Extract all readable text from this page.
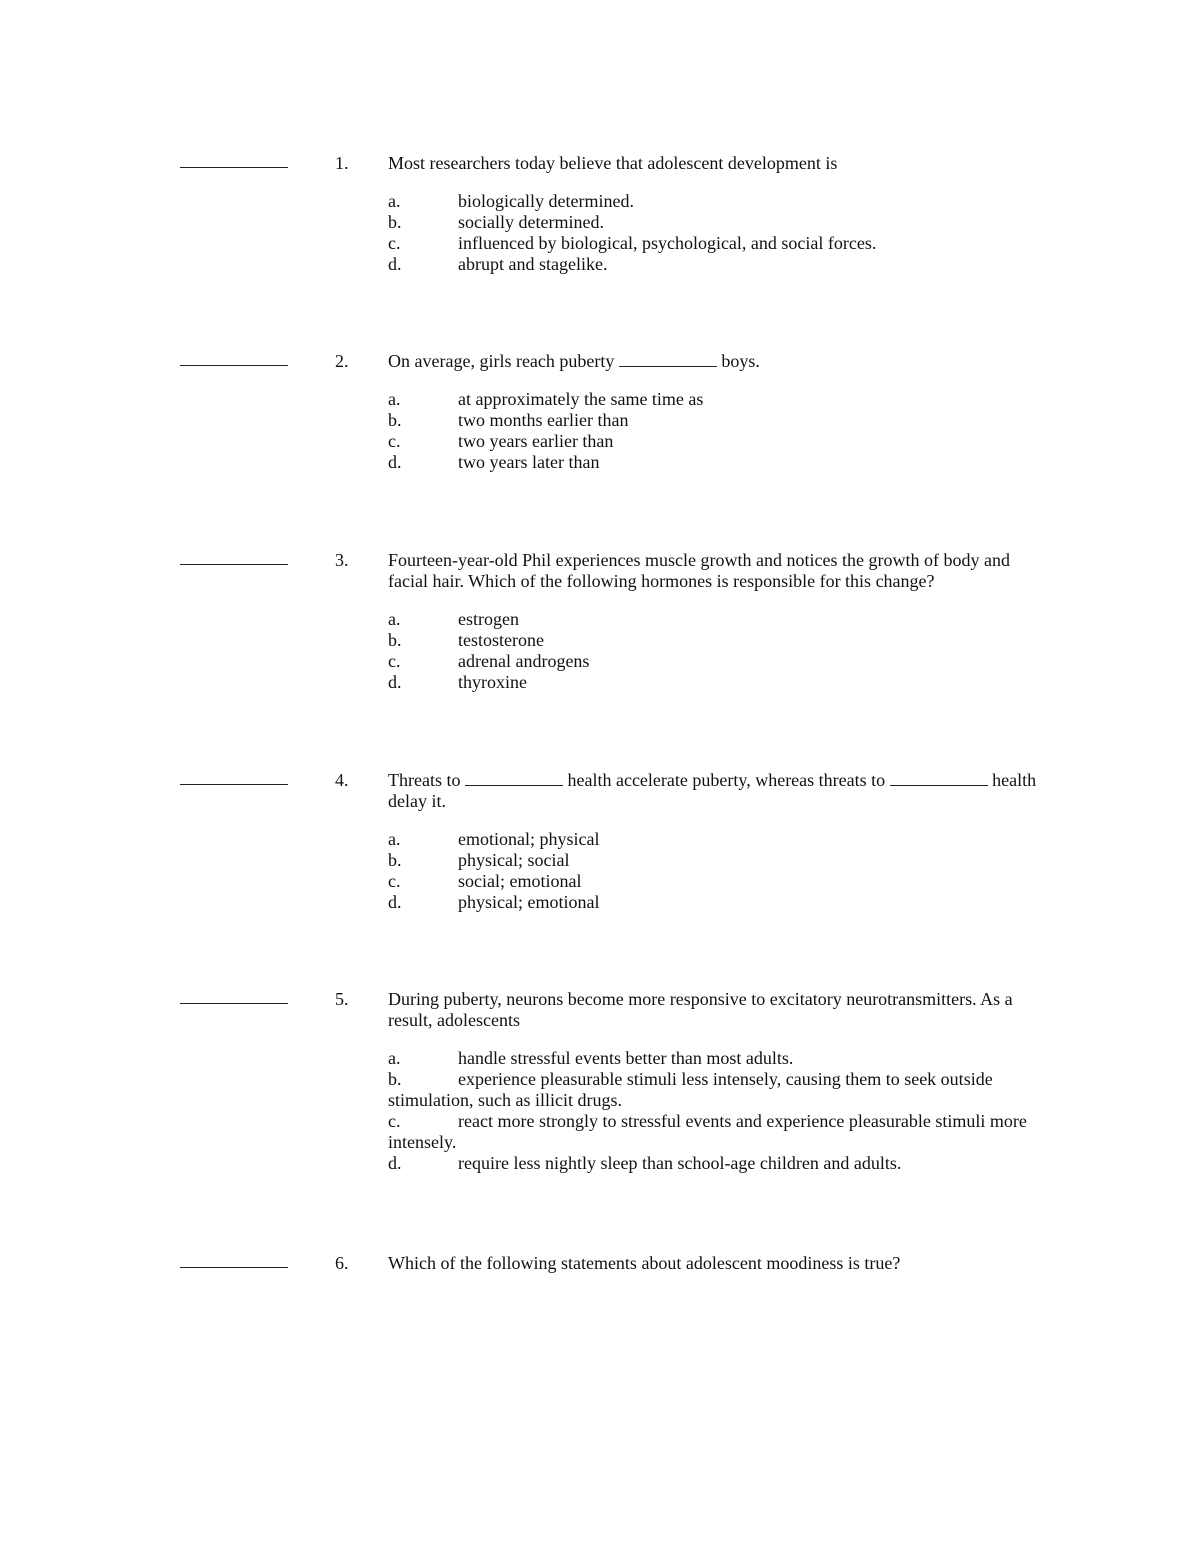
1. Most researchers today believe that adolescent development is
a.	biologically determined.
b.	socially determined.
c.	influenced by biological, psychological, and social forces.
d.	abrupt and stagelike.
2. On average, girls reach puberty	boys.
a.	at approximately the same time as
b.	two months earlier than
c.	two years earlier than
d.	two years later than
3. Fourteen-year-old Phil experiences muscle growth and notices the growth of body and facial hair. Which of the following hormones is responsible for this change?
a.	estrogen
b.	testosterone
c.	adrenal androgens
d.	thyroxine
4. Threats to	health accelerate puberty, whereas threats to	health delay it.
a.	emotional; physical
b.	physical; social
c.	social; emotional
d.	physical; emotional
5. During puberty, neurons become more responsive to excitatory neurotransmitters. As a result, adolescents
a.	handle stressful events better than most adults.
b.	experience pleasurable stimuli less intensely, causing them to seek outside stimulation, such as illicit drugs.
c.	react more strongly to stressful events and experience pleasurable stimuli more intensely.
d.	require less nightly sleep than school-age children and adults.
6. Which of the following statements about adolescent moodiness is true?
